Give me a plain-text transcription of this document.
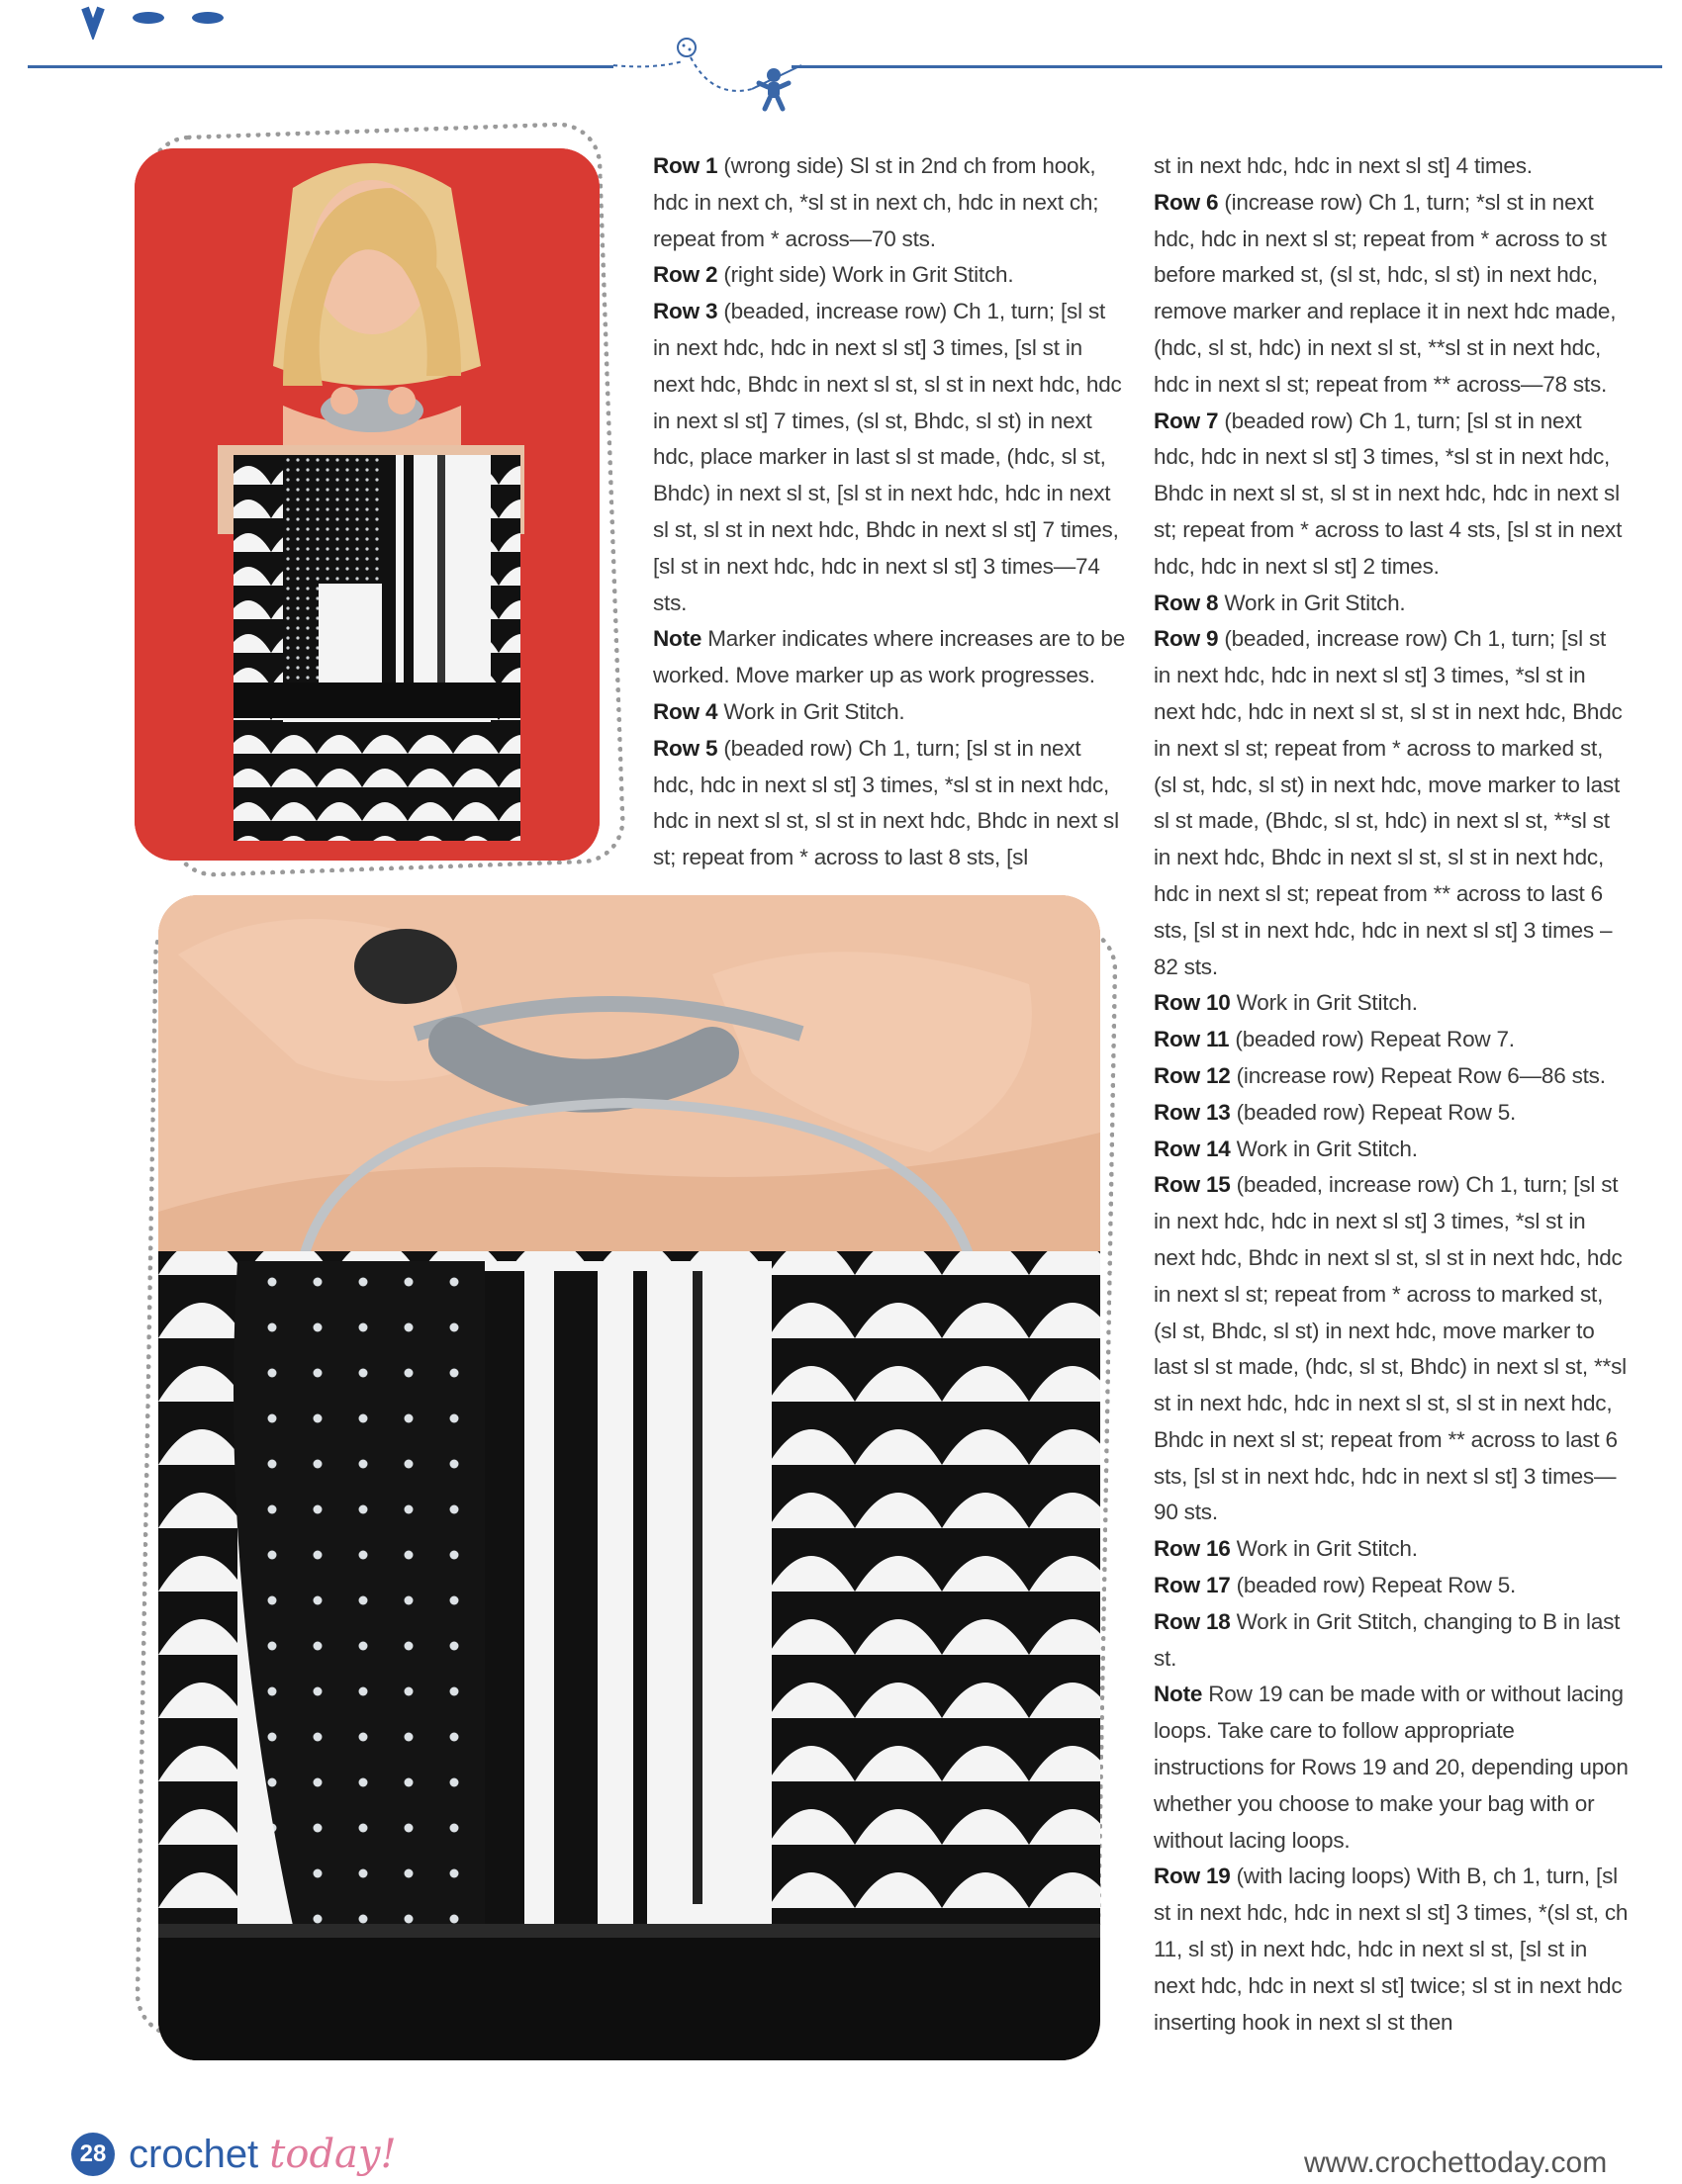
Row 1 (wrong side) Sl st in 2nd ch from hook, hdc in next ch, *sl st in next ch, hdc in next ch; repeat from * across—70 sts.

Row 2 (right side) Work in Grit Stitch.

Row 3 (beaded, increase row) Ch 1, turn; [sl st in next hdc, hdc in next sl st] 3 times, [sl st in next hdc, Bhdc in next sl st, sl st in next hdc, hdc in next sl st] 7 times, (sl st, Bhdc, sl st) in next hdc, place marker in last sl st made, (hdc, sl st, Bhdc) in next sl st, [sl st in next hdc, hdc in next sl st, sl st in next hdc, Bhdc in next sl st] 7 times, [sl st in next hdc, hdc in next sl st] 3 times—74 sts.

Note Marker indicates where increases are to be worked. Move marker up as work progresses.

Row 4 Work in Grit Stitch.

Row 5 (beaded row) Ch 1, turn; [sl st in next hdc, hdc in next sl st] 3 times, *sl st in next hdc, hdc in next sl st, sl st in next hdc, Bhdc in next sl st; repeat from * across to last 8 sts, [sl

st in next hdc, hdc in next sl st] 4 times.

Row 6 (increase row) Ch 1, turn; *sl st in next hdc, hdc in next sl st; repeat from * across to st before marked st, (sl st, hdc, sl st) in next hdc, remove marker and replace it in next hdc made, (hdc, sl st, hdc) in next sl st, **sl st in next hdc, hdc in next sl st; repeat from ** across—78 sts.

Row 7 (beaded row) Ch 1, turn; [sl st in next hdc, hdc in next sl st] 3 times, *sl st in next hdc, Bhdc in next sl st, sl st in next hdc, hdc in next sl st; repeat from * across to last 4 sts, [sl st in next hdc, hdc in next sl st] 2 times.

Row 8 Work in Grit Stitch.

Row 9 (beaded, increase row) Ch 1, turn; [sl st in next hdc, hdc in next sl st] 3 times, *sl st in next hdc, hdc in next sl st, sl st in next hdc, Bhdc in next sl st; repeat from * across to marked st, (sl st, hdc, sl st) in next hdc, move marker to last sl st made, (Bhdc, sl st, hdc) in next sl st, **sl st in next hdc, Bhdc in next sl st, sl st in next hdc, hdc in next sl st; repeat from ** across to last 6 sts, [sl st in next hdc, hdc in next sl st] 3 times – 82 sts.

Row 10 Work in Grit Stitch.

Row 11 (beaded row) Repeat Row 7.

Row 12 (increase row) Repeat Row 6—86 sts.

Row 13 (beaded row) Repeat Row 5.

Row 14 Work in Grit Stitch.

Row 15 (beaded, increase row) Ch 1, turn; [sl st in next hdc, hdc in next sl st] 3 times, *sl st in next hdc, Bhdc in next sl st, sl st in next hdc, hdc in next sl st; repeat from * across to marked st, (sl st, Bhdc, sl st) in next hdc, move marker to last sl st made, (hdc, sl st, Bhdc) in next sl st, **sl st in next hdc, hdc in next sl st, sl st in next hdc, Bhdc in next sl st; repeat from ** across to last 6 sts, [sl st in next hdc, hdc in next sl st] 3 times—90 sts.

Row 16 Work in Grit Stitch.

Row 17 (beaded row) Repeat Row 5.

Row 18 Work in Grit Stitch, changing to B in last st.

Note Row 19 can be made with or without lacing loops. Take care to follow appropriate instructions for Rows 19 and 20, depending upon whether you choose to make your bag with or without lacing loops.

Row 19 (with lacing loops) With B, ch 1, turn, [sl st in next hdc, hdc in next sl st] 3 times, *(sl st, ch 11, sl st) in next hdc, hdc in next sl st, [sl st in next hdc, hdc in next sl st] twice; sl st in next hdc inserting hook in next sl st then

28 crochet today!	www.crochettoday.com
